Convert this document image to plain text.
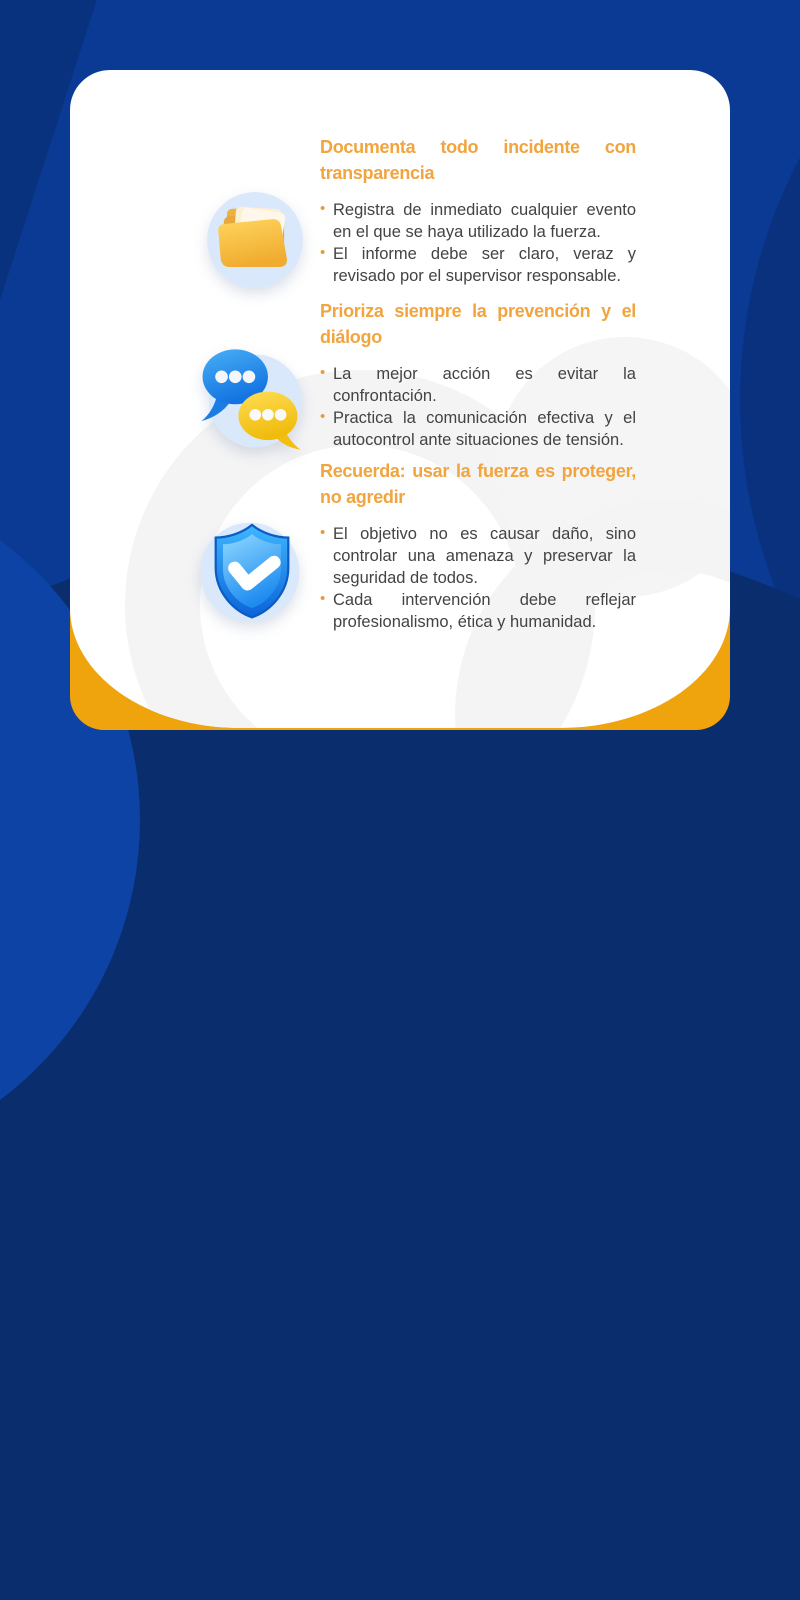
Documenta todo incidente con transparencia
• Registra de inmediato cualquier evento en el que se haya utilizado la fuerza.
• El informe debe ser claro, veraz y revisado por el supervisor responsable.
Prioriza siempre la prevención y el diálogo
• La mejor acción es evitar la confrontación.
• Practica la comunicación efectiva y el autocontrol ante situaciones de tensión.
Recuerda: usar la fuerza es proteger, no agredir
• El objetivo no es causar daño, sino controlar una amenaza y preservar la seguridad de todos.
• Cada intervención debe reflejar profesionalismo, ética y humanidad.
